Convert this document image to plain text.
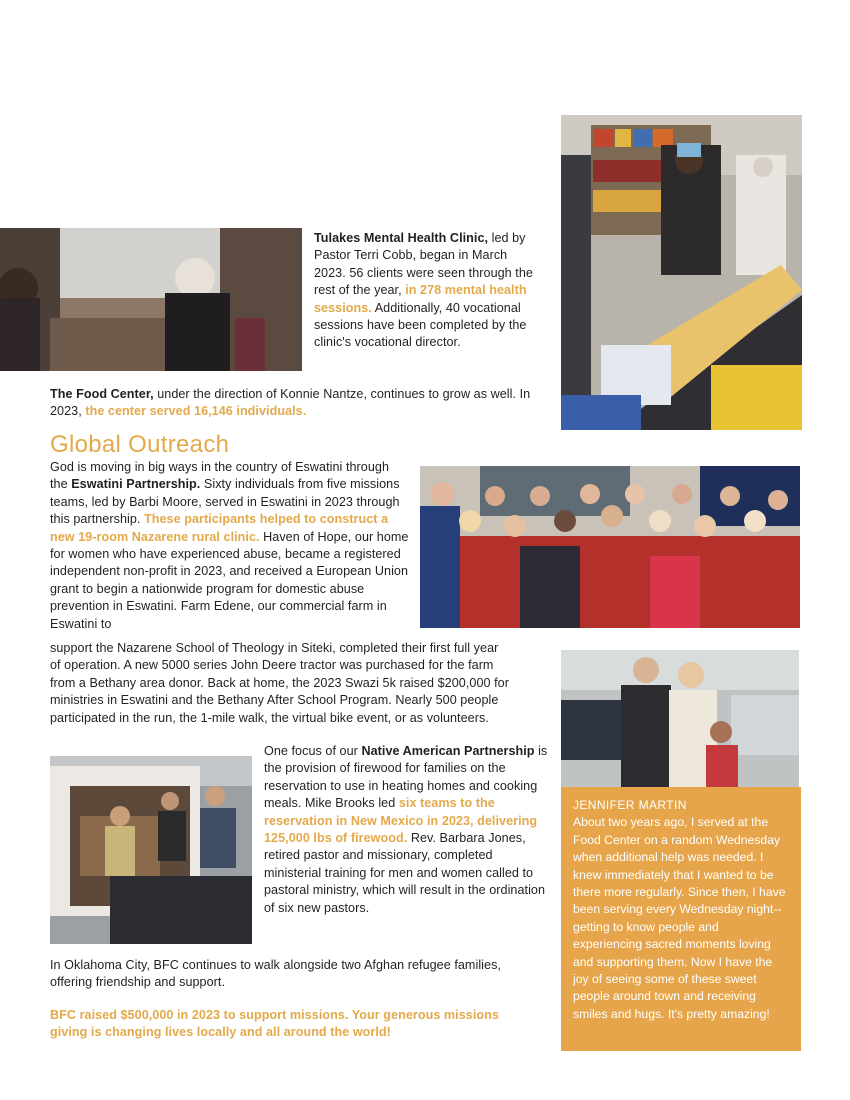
Tulakes Mental Health Clinic, led by Pastor Terri Cobb, began in March 2023. 56 clients were seen through the rest of the year, in 278 mental health sessions. Additionally, 40 vocational sessions have been completed by the clinic's vocational director.
The Food Center, under the direction of Konnie Nantze, continues to grow as well. In 2023, the center served 16,146 individuals.
Global Outreach
God is moving in big ways in the country of Eswatini through the Eswatini Partnership. Sixty individuals from five missions teams, led by Barbi Moore, served in Eswatini in 2023 through this partnership. These participants helped to construct a new 19-room Nazarene rural clinic. Haven of Hope, our home for women who have experienced abuse, became a registered independent non-profit in 2023, and received a European Union grant to begin a nationwide program for domestic abuse prevention in Eswatini. Farm Edene, our commercial farm in Eswatini to
support the Nazarene School of Theology in Siteki, completed their first full year
of operation. A new 5000 series John Deere tractor was purchased for the farm
from a Bethany area donor. Back at home, the 2023 Swazi 5k raised $200,000 for
ministries in Eswatini and the Bethany After School Program. Nearly 500 people
participated in the run, the 1-mile walk, the virtual bike event, or as volunteers.
JENNIFER MARTIN
About two years ago, I served at the Food Center on a random Wednesday when additional help was needed. I knew immediately that I wanted to be there more regularly. Since then, I have been serving every Wednesday night--getting to know people and experiencing sacred moments loving and supporting them. Now I have the joy of seeing some of these sweet people around town and receiving smiles and hugs. It's pretty amazing!
One focus of our Native American Partnership is the provision of firewood for families on the reservation to use in heating homes and cooking meals. Mike Brooks led six teams to the reservation in New Mexico in 2023, delivering 125,000 lbs of firewood. Rev. Barbara Jones, retired pastor and missionary, completed ministerial training for men and women called to pastoral ministry, which will result in the ordination of six new pastors.
In Oklahoma City, BFC continues to walk alongside two Afghan refugee families, offering friendship and support.
BFC raised $500,000 in 2023 to support missions. Your generous missions giving is changing lives locally and all around the world!
